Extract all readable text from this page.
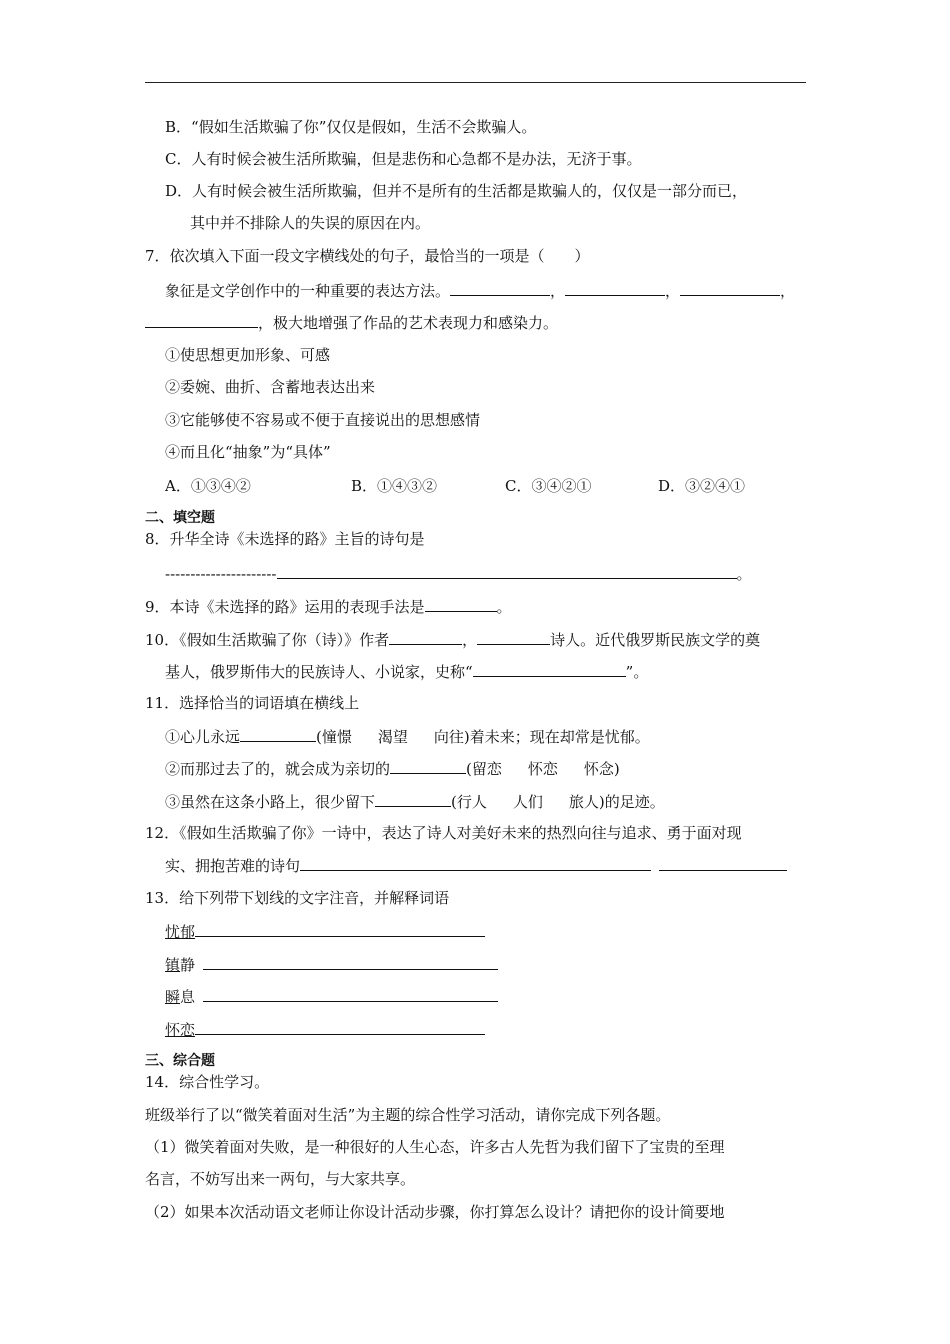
B．“假如生活欺骗了你”仅仅是假如，生活不会欺骗人。
C．人有时候会被生活所欺骗，但是悲伤和心急都不是办法，无济于事。
D．人有时候会被生活所欺骗，但并不是所有的生活都是欺骗人的，仅仅是一部分而已，
其中并不排除人的失误的原因在内。
7．依次填入下面一段文字横线处的句子，最恰当的一项是（　　）
象征是文学创作中的一种重要的表达方法。	，	，	，
，极大地增强了作品的艺术表现力和感染力。
①使思想更加形象、可感
②委婉、曲折、含蓄地表达出来
③它能够使不容易或不便于直接说出的思想感情
④而且化“抽象”为“具体”
A．①③④②	B．①④③②	C．③④②①	D．③②④①
二、填空题
8．升华全诗《未选择的路》主旨的诗句是
----------------------	。
9．本诗《未选择的路》运用的表现手法是	。
10．《假如生活欺骗了你（诗）》作者	，	诗人。近代俄罗斯民族文学的奠
基人，俄罗斯伟大的民族诗人、小说家，史称“	”。
11．选择恰当的词语填在横线上
①心儿永远	(憧憬 渴望 向往)着未来；现在却常是忧郁。
②而那过去了的，就会成为亲切的	(留恋 怀恋 怀念)
③虽然在这条小路上，很少留下	(行人 人们 旅人)的足迹。
12．《假如生活欺骗了你》一诗中，表达了诗人对美好未来的热烈向往与追求、勇于面对现
实、拥抱苦难的诗句
13．给下列带下划线的文字注音，并解释词语
忧郁
镇静
瞬息
怀恋
三、综合题
14．综合性学习。
班级举行了以“微笑着面对生活”为主题的综合性学习活动，请你完成下列各题。
（1）微笑着面对失败，是一种很好的人生心态，许多古人先哲为我们留下了宝贵的至理
名言，不妨写出来一两句，与大家共享。
（2）如果本次活动语文老师让你设计活动步骤，你打算怎么设计？请把你的设计简要地
